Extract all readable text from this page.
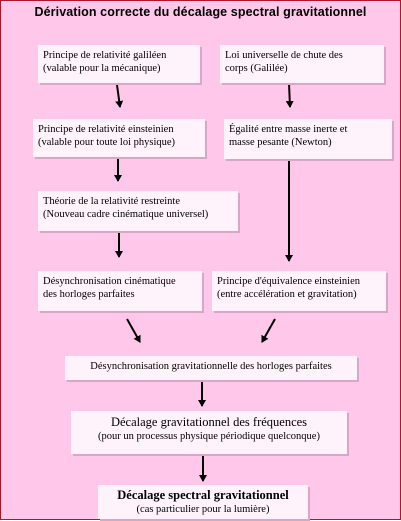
Dérivation correcte du décalage spectral gravitationnel
Principe de relativité galiléen
(valable pour la mécanique)
Loi universelle de chute des
corps (Galilée)
Principe de relativité einsteinien
(valable pour toute loi physique)
Égalité entre masse inerte et
masse pesante (Newton)
Théorie de la relativité restreinte
(Nouveau cadre cinématique universel)
Désynchronisation cinématique
des horloges parfaites
Principe d'équivalence einsteinien
(entre accélération et gravitation)
Désynchronisation gravitationnelle des horloges parfaites
Décalage gravitationnel des fréquences
(pour un processus physique périodique quelconque)
Décalage spectral gravitationnel
(cas particulier pour la lumière)
